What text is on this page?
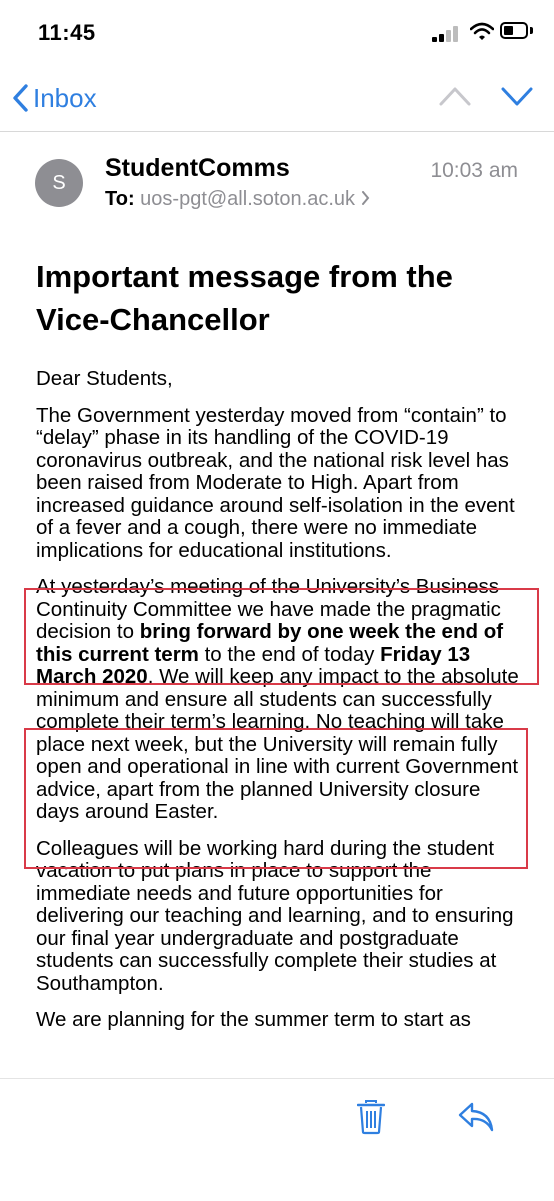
11:45
Inbox
S
StudentComms	10:03 am
To: uos-pgt@all.soton.ac.uk
Important message from the Vice-Chancellor

Dear Students,

The Government yesterday moved from “contain” to “delay” phase in its handling of the COVID-19 coronavirus outbreak, and the national risk level has been raised from Moderate to High. Apart from increased guidance around self-isolation in the event of a fever and a cough, there were no immediate implications for educational institutions.

At yesterday’s meeting of the University’s Business Continuity Committee we have made the pragmatic decision to bring forward by one week the end of this current term to the end of today Friday 13 March 2020. We will keep any impact to the absolute minimum and ensure all students can successfully complete their term’s learning. No teaching will take place next week, but the University will remain fully open and operational in line with current Government advice, apart from the planned University closure days around Easter.

Colleagues will be working hard during the student vacation to put plans in place to support the immediate needs and future opportunities for delivering our teaching and learning, and to ensuring our final year undergraduate and postgraduate students can successfully complete their studies at Southampton.

We are planning for the summer term to start as
